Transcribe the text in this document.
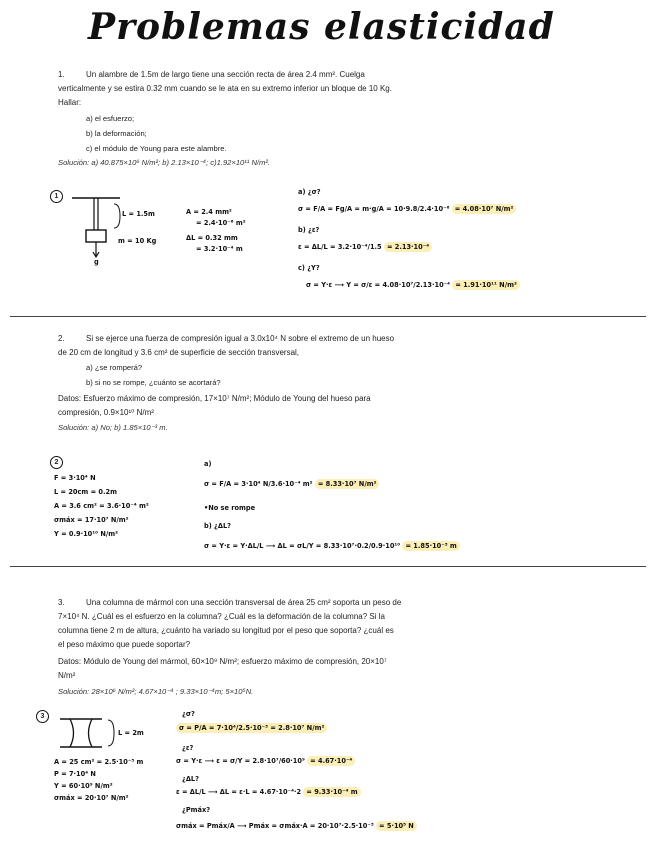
Problemas elasticidad
1.	Un alambre de 1.5m de largo tiene una sección recta de área 2.4 mm². Cuelga
verticalmente y se estira 0.32 mm cuando se le ata en su extremo inferior un bloque de 10 Kg.
Hallar:
a) el esfuerzo;
b) la deformación;
c) el módulo de Young para este alambre.
Solución: a) 40.875×10⁶ N/m²; b) 2.13×10⁻⁴; c)1.92×10¹¹ N/m².
1
L = 1.5m
m = 10 Kg
g
A = 2.4 mm²
= 2.4·10⁻⁶ m²
ΔL = 0.32 mm
= 3.2·10⁻⁴ m
a) ¿σ?
σ = F/A = Fg/A = m·g/A = 10·9.8/2.4·10⁻⁶ = 4.08·10⁷ N/m²
b) ¿ε?
ε = ΔL/L = 3.2·10⁻⁴/1.5 = 2.13·10⁻⁴
c) ¿Y?
σ = Y·ε ⟶ Y = σ/ε = 4.08·10⁷/2.13·10⁻⁴ = 1.91·10¹¹ N/m²
2.	Si se ejerce una fuerza de compresión igual a 3.0x10⁴ N sobre el extremo de un hueso
de 20 cm de longitud y 3.6 cm² de superficie de sección transversal,
a) ¿se romperá?
b) si no se rompe, ¿cuánto se acortará?
Datos: Esfuerzo máximo de compresión, 17×10⁷ N/m²; Módulo de Young del hueso para
compresión, 0.9×10¹⁰ N/m²
Solución: a) No; b) 1.85×10⁻³ m.
2
F = 3·10⁴ N
L = 20cm = 0.2m
A = 3.6 cm² = 3.6·10⁻⁴ m²
σmáx = 17·10⁷ N/m²
Y = 0.9·10¹⁰ N/m²
a)
σ = F/A = 3·10⁴ N/3.6·10⁻⁴ m² = 8.33·10⁷ N/m²
•No se rompe
b) ¿ΔL?
σ = Y·ε = Y·ΔL/L ⟶ ΔL = σL/Y = 8.33·10⁷·0.2/0.9·10¹⁰ = 1.85·10⁻³ m
3.	Una columna de mármol con una sección transversal de área 25 cm² soporta un peso de
7×10⁴ N. ¿Cuál es el esfuerzo en la columna? ¿Cuál es la deformación de la columna? Si la
columna tiene 2 m de altura, ¿cuánto ha variado su longitud por el peso que soporta? ¿cuál es
el peso máximo que puede soportar?
Datos: Módulo de Young del mármol, 60×10⁹ N/m²; esfuerzo máximo de compresión, 20×10⁷
N/m²
Solución: 28×10⁶ N/m²; 4.67×10⁻⁴ ; 9.33×10⁻⁴m; 5×10⁵N.
3
L = 2m
A = 25 cm² = 2.5·10⁻³ m
P = 7·10⁴ N
Y = 60·10⁹ N/m²
σmáx = 20·10⁷ N/m²
¿σ?
σ = P/A = 7·10⁴/2.5·10⁻³ = 2.8·10⁷ N/m²
¿ε?
σ = Y·ε ⟶ ε = σ/Y = 2.8·10⁷/60·10⁹ = 4.67·10⁻⁴
¿ΔL?
ε = ΔL/L ⟶ ΔL = ε·L = 4.67·10⁻⁴·2 = 9.33·10⁻⁴ m
¿Pmáx?
σmáx = Pmáx/A ⟶ Pmáx = σmáx·A = 20·10⁷·2.5·10⁻³ = 5·10⁵ N
